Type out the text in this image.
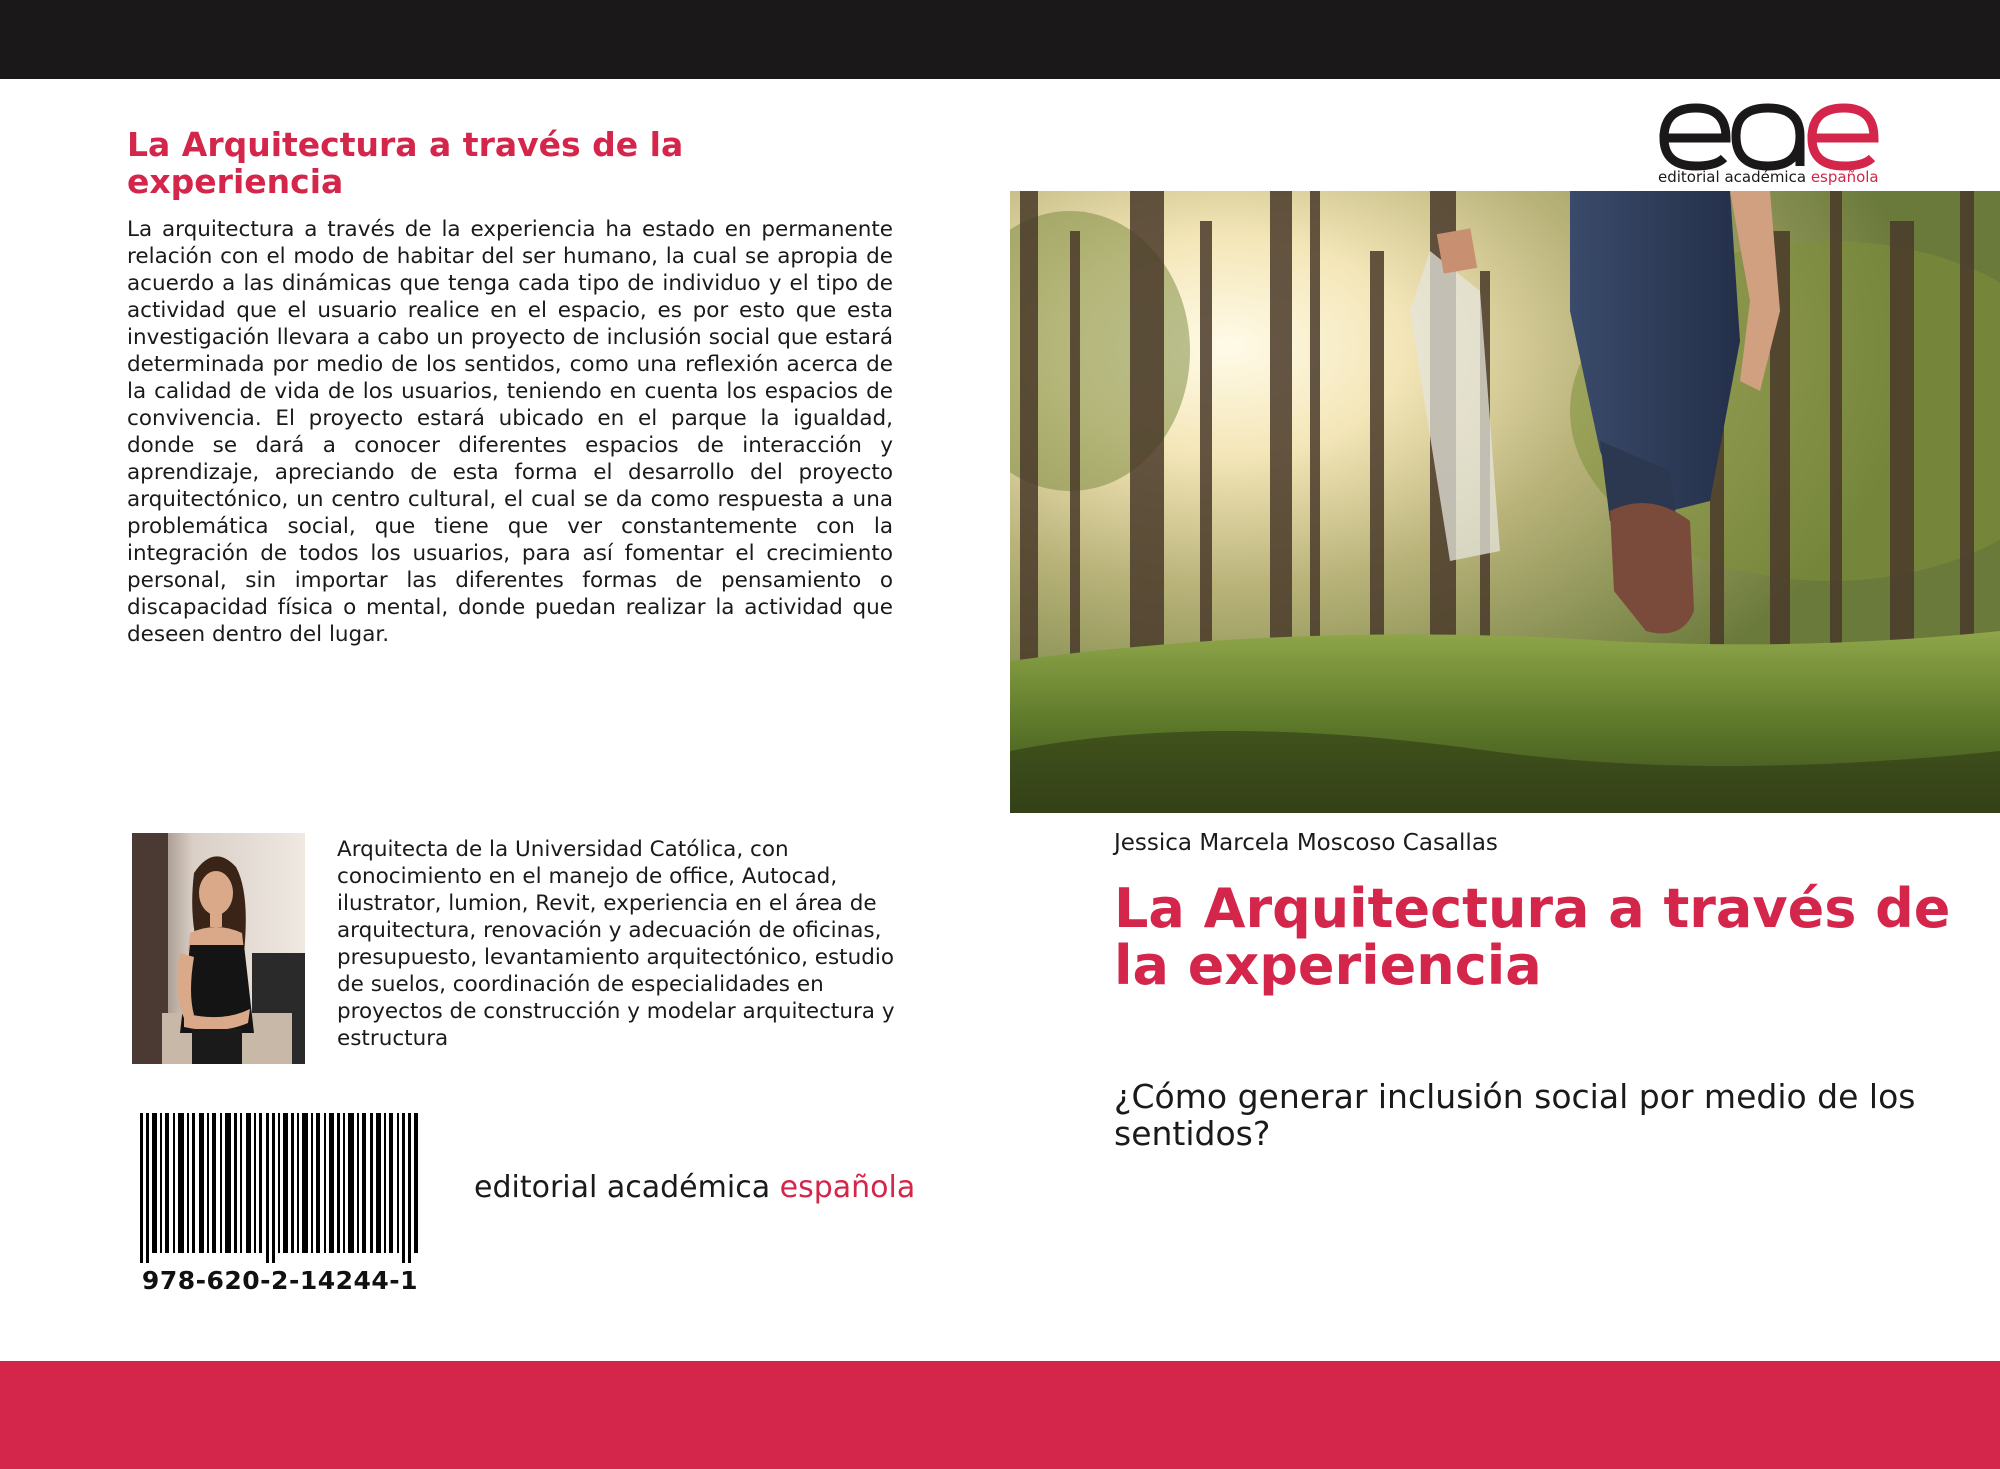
La Arquitectura a través de la experiencia

La arquitectura a través de la experiencia ha estado en permanente relación con el modo de habitar del ser humano, la cual se apropia de acuerdo a las dinámicas que tenga cada tipo de individuo y el tipo de actividad que el usuario realice en el espacio, es por esto que esta investigación llevara a cabo un proyecto de inclusión social que estará determinada por medio de los sentidos, como una reflexión acerca de la calidad de vida de los usuarios, teniendo en cuenta los espacios de convivencia. El proyecto estará ubicado en el parque la igualdad, donde se dará a conocer diferentes espacios de interacción y aprendizaje, apreciando de esta forma el desarrollo del proyecto arquitectónico, un centro cultural, el cual se da como respuesta a una problemática social, que tiene que ver constantemente con la integración de todos los usuarios, para así fomentar el crecimiento personal, sin importar las diferentes formas de pensamiento o discapacidad física o mental, donde puedan realizar la actividad que deseen dentro del lugar.

Arquitecta de la Universidad Católica, con conocimiento en el manejo de office, Autocad, ilustrator, lumion, Revit, experiencia en el área de arquitectura, renovación y adecuación de oficinas, presupuesto, levantamiento arquitectónico, estudio de suelos, coordinación de especialidades en proyectos de construcción y modelar arquitectura y estructura

978-620-2-14244-1
editorial académica española
editorial académica española
Jessica Marcela Moscoso Casallas
La Arquitectura a través de la experiencia

¿Cómo generar inclusión social por medio de los sentidos?
